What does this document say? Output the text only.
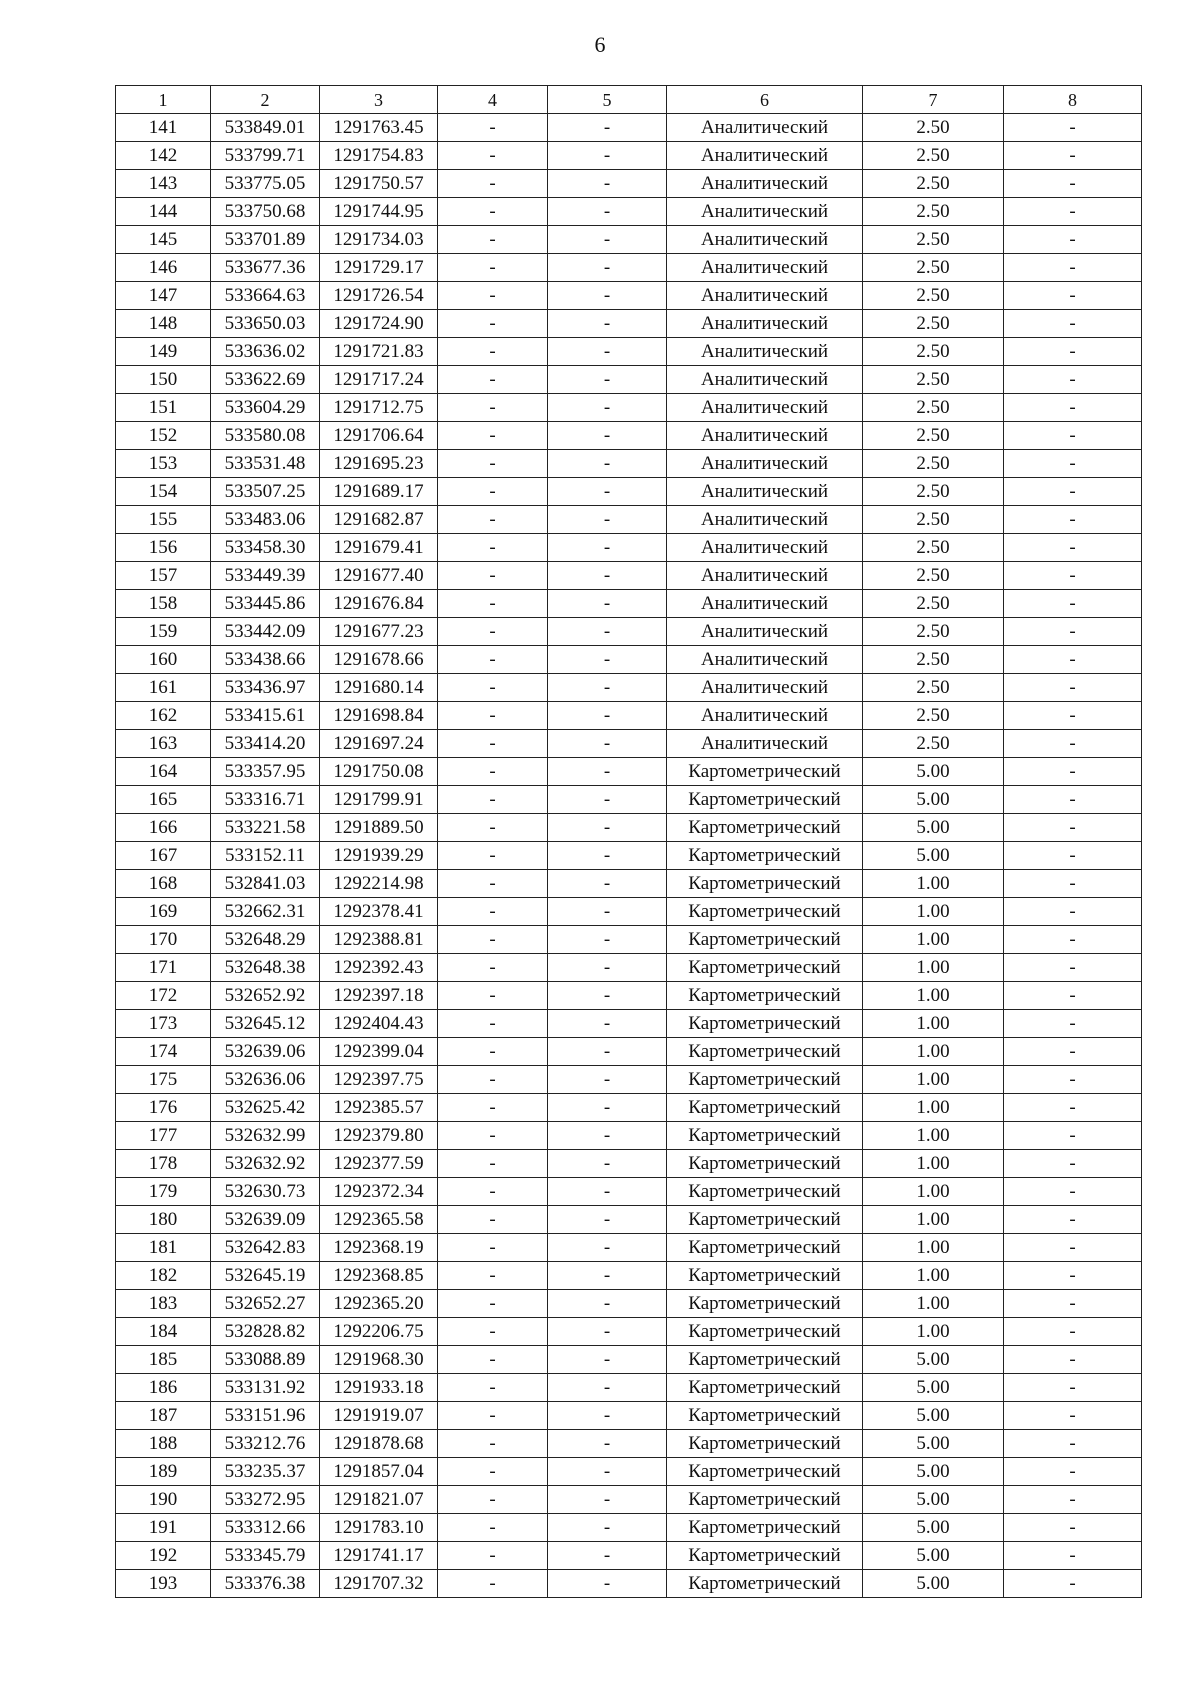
6
1	2	3	4	5	6	7	8
141	533849.01	1291763.45	-	-	Аналитический	2.50	-
142	533799.71	1291754.83	-	-	Аналитический	2.50	-
143	533775.05	1291750.57	-	-	Аналитический	2.50	-
144	533750.68	1291744.95	-	-	Аналитический	2.50	-
145	533701.89	1291734.03	-	-	Аналитический	2.50	-
146	533677.36	1291729.17	-	-	Аналитический	2.50	-
147	533664.63	1291726.54	-	-	Аналитический	2.50	-
148	533650.03	1291724.90	-	-	Аналитический	2.50	-
149	533636.02	1291721.83	-	-	Аналитический	2.50	-
150	533622.69	1291717.24	-	-	Аналитический	2.50	-
151	533604.29	1291712.75	-	-	Аналитический	2.50	-
152	533580.08	1291706.64	-	-	Аналитический	2.50	-
153	533531.48	1291695.23	-	-	Аналитический	2.50	-
154	533507.25	1291689.17	-	-	Аналитический	2.50	-
155	533483.06	1291682.87	-	-	Аналитический	2.50	-
156	533458.30	1291679.41	-	-	Аналитический	2.50	-
157	533449.39	1291677.40	-	-	Аналитический	2.50	-
158	533445.86	1291676.84	-	-	Аналитический	2.50	-
159	533442.09	1291677.23	-	-	Аналитический	2.50	-
160	533438.66	1291678.66	-	-	Аналитический	2.50	-
161	533436.97	1291680.14	-	-	Аналитический	2.50	-
162	533415.61	1291698.84	-	-	Аналитический	2.50	-
163	533414.20	1291697.24	-	-	Аналитический	2.50	-
164	533357.95	1291750.08	-	-	Картометрический	5.00	-
165	533316.71	1291799.91	-	-	Картометрический	5.00	-
166	533221.58	1291889.50	-	-	Картометрический	5.00	-
167	533152.11	1291939.29	-	-	Картометрический	5.00	-
168	532841.03	1292214.98	-	-	Картометрический	1.00	-
169	532662.31	1292378.41	-	-	Картометрический	1.00	-
170	532648.29	1292388.81	-	-	Картометрический	1.00	-
171	532648.38	1292392.43	-	-	Картометрический	1.00	-
172	532652.92	1292397.18	-	-	Картометрический	1.00	-
173	532645.12	1292404.43	-	-	Картометрический	1.00	-
174	532639.06	1292399.04	-	-	Картометрический	1.00	-
175	532636.06	1292397.75	-	-	Картометрический	1.00	-
176	532625.42	1292385.57	-	-	Картометрический	1.00	-
177	532632.99	1292379.80	-	-	Картометрический	1.00	-
178	532632.92	1292377.59	-	-	Картометрический	1.00	-
179	532630.73	1292372.34	-	-	Картометрический	1.00	-
180	532639.09	1292365.58	-	-	Картометрический	1.00	-
181	532642.83	1292368.19	-	-	Картометрический	1.00	-
182	532645.19	1292368.85	-	-	Картометрический	1.00	-
183	532652.27	1292365.20	-	-	Картометрический	1.00	-
184	532828.82	1292206.75	-	-	Картометрический	1.00	-
185	533088.89	1291968.30	-	-	Картометрический	5.00	-
186	533131.92	1291933.18	-	-	Картометрический	5.00	-
187	533151.96	1291919.07	-	-	Картометрический	5.00	-
188	533212.76	1291878.68	-	-	Картометрический	5.00	-
189	533235.37	1291857.04	-	-	Картометрический	5.00	-
190	533272.95	1291821.07	-	-	Картометрический	5.00	-
191	533312.66	1291783.10	-	-	Картометрический	5.00	-
192	533345.79	1291741.17	-	-	Картометрический	5.00	-
193	533376.38	1291707.32	-	-	Картометрический	5.00	-
